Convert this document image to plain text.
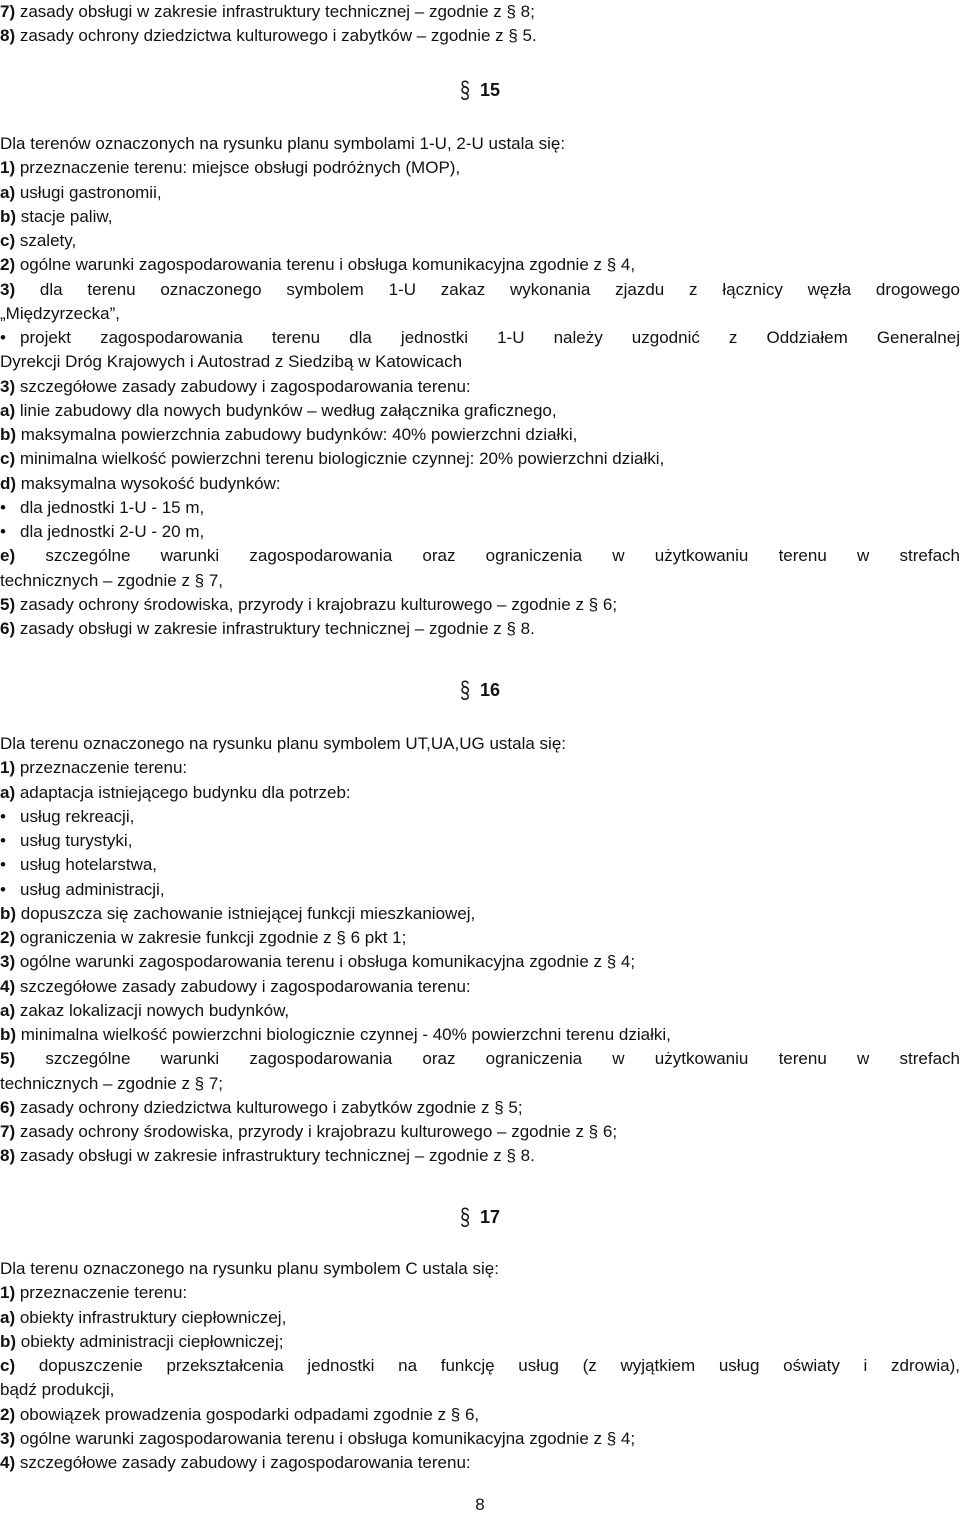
§ 15
§ 16
§ 17
8
7) zasady obsługi w zakresie infrastruktury technicznej – zgodnie z § 8;
8) zasady ochrony dziedzictwa kulturowego i zabytków – zgodnie z § 5.
Dla terenów oznaczonych na rysunku planu symbolami 1-U, 2-U ustala się:
1) przeznaczenie terenu: miejsce obsługi podróżnych (MOP),
a) usługi gastronomii,
b) stacje paliw,
c) szalety,
2) ogólne warunki zagospodarowania terenu i obsługa komunikacyjna zgodnie z § 4,
3) dla terenu oznaczonego symbolem 1-U zakaz wykonania zjazdu z łącznicy węzła drogowego
„Międzyrzecka”,
• projekt zagospodarowania terenu dla jednostki 1-U należy uzgodnić z Oddziałem Generalnej
Dyrekcji Dróg Krajowych i Autostrad z Siedzibą w Katowicach
3) szczegółowe zasady zabudowy i zagospodarowania terenu:
a) linie zabudowy dla nowych budynków – według załącznika graficznego,
b) maksymalna powierzchnia zabudowy budynków: 40% powierzchni działki,
c) minimalna wielkość powierzchni terenu biologicznie czynnej: 20% powierzchni działki,
d) maksymalna wysokość budynków:
• dla jednostki 1-U - 15 m,
• dla jednostki 2-U - 20 m,
e) szczególne warunki zagospodarowania oraz ograniczenia w użytkowaniu terenu w strefach
technicznych – zgodnie z § 7,
5) zasady ochrony środowiska, przyrody i krajobrazu kulturowego – zgodnie z § 6;
6) zasady obsługi w zakresie infrastruktury technicznej – zgodnie z § 8.
Dla terenu oznaczonego na rysunku planu symbolem UT,UA,UG ustala się:
1) przeznaczenie terenu:
a) adaptacja istniejącego budynku dla potrzeb:
• usług rekreacji,
• usług turystyki,
• usług hotelarstwa,
• usług administracji,
b) dopuszcza się zachowanie istniejącej funkcji mieszkaniowej,
2) ograniczenia w zakresie funkcji zgodnie z § 6 pkt 1;
3) ogólne warunki zagospodarowania terenu i obsługa komunikacyjna zgodnie z § 4;
4) szczegółowe zasady zabudowy i zagospodarowania terenu:
a) zakaz lokalizacji nowych budynków,
b) minimalna wielkość powierzchni biologicznie czynnej - 40% powierzchni terenu działki,
5) szczególne warunki zagospodarowania oraz ograniczenia w użytkowaniu terenu w strefach
technicznych – zgodnie z § 7;
6) zasady ochrony dziedzictwa kulturowego i zabytków zgodnie z § 5;
7) zasady ochrony środowiska, przyrody i krajobrazu kulturowego – zgodnie z § 6;
8) zasady obsługi w zakresie infrastruktury technicznej – zgodnie z § 8.
Dla terenu oznaczonego na rysunku planu symbolem C ustala się:
1) przeznaczenie terenu:
a) obiekty infrastruktury ciepłowniczej,
b) obiekty administracji ciepłowniczej;
c) dopuszczenie przekształcenia jednostki na funkcję usług (z wyjątkiem usług oświaty i zdrowia),
bądź produkcji,
2) obowiązek prowadzenia gospodarki odpadami zgodnie z § 6,
3) ogólne warunki zagospodarowania terenu i obsługa komunikacyjna zgodnie z § 4;
4) szczegółowe zasady zabudowy i zagospodarowania terenu:
